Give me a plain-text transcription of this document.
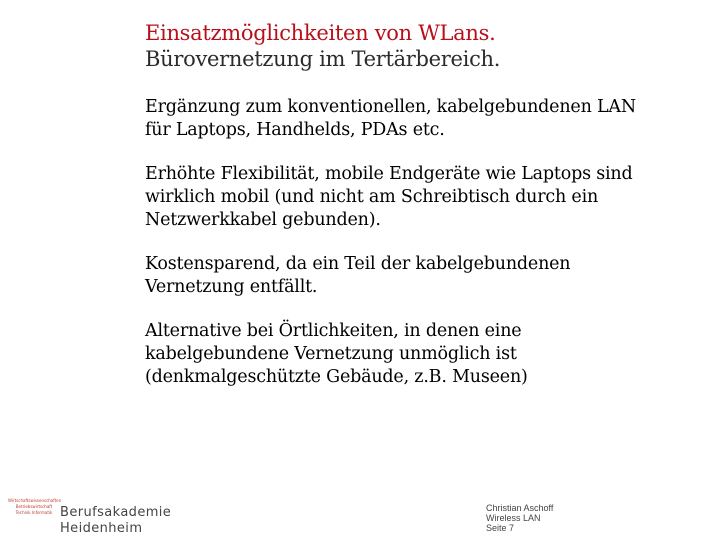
Einsatzmöglichkeiten von WLans.
Bürovernetzung im Tertärbereich.
Ergänzung zum konventionellen, kabelgebundenen LAN
für Laptops, Handhelds, PDAs etc.
Erhöhte Flexibilität, mobile Endgeräte wie Laptops sind
wirklich mobil (und nicht am Schreibtisch durch ein
Netzwerkkabel gebunden).
Kostensparend, da ein Teil der kabelgebundenen
Vernetzung entfällt.
Alternative bei Örtlichkeiten, in denen eine
kabelgebundene Vernetzung unmöglich ist
(denkmalgeschützte Gebäude, z.B. Museen)
Wirtschaftswissenschaften
Betriebswirtschaft
Technik Informatik Berufsakademie
Heidenheim
Christian Aschoff
Wireless LAN
Seite 7
